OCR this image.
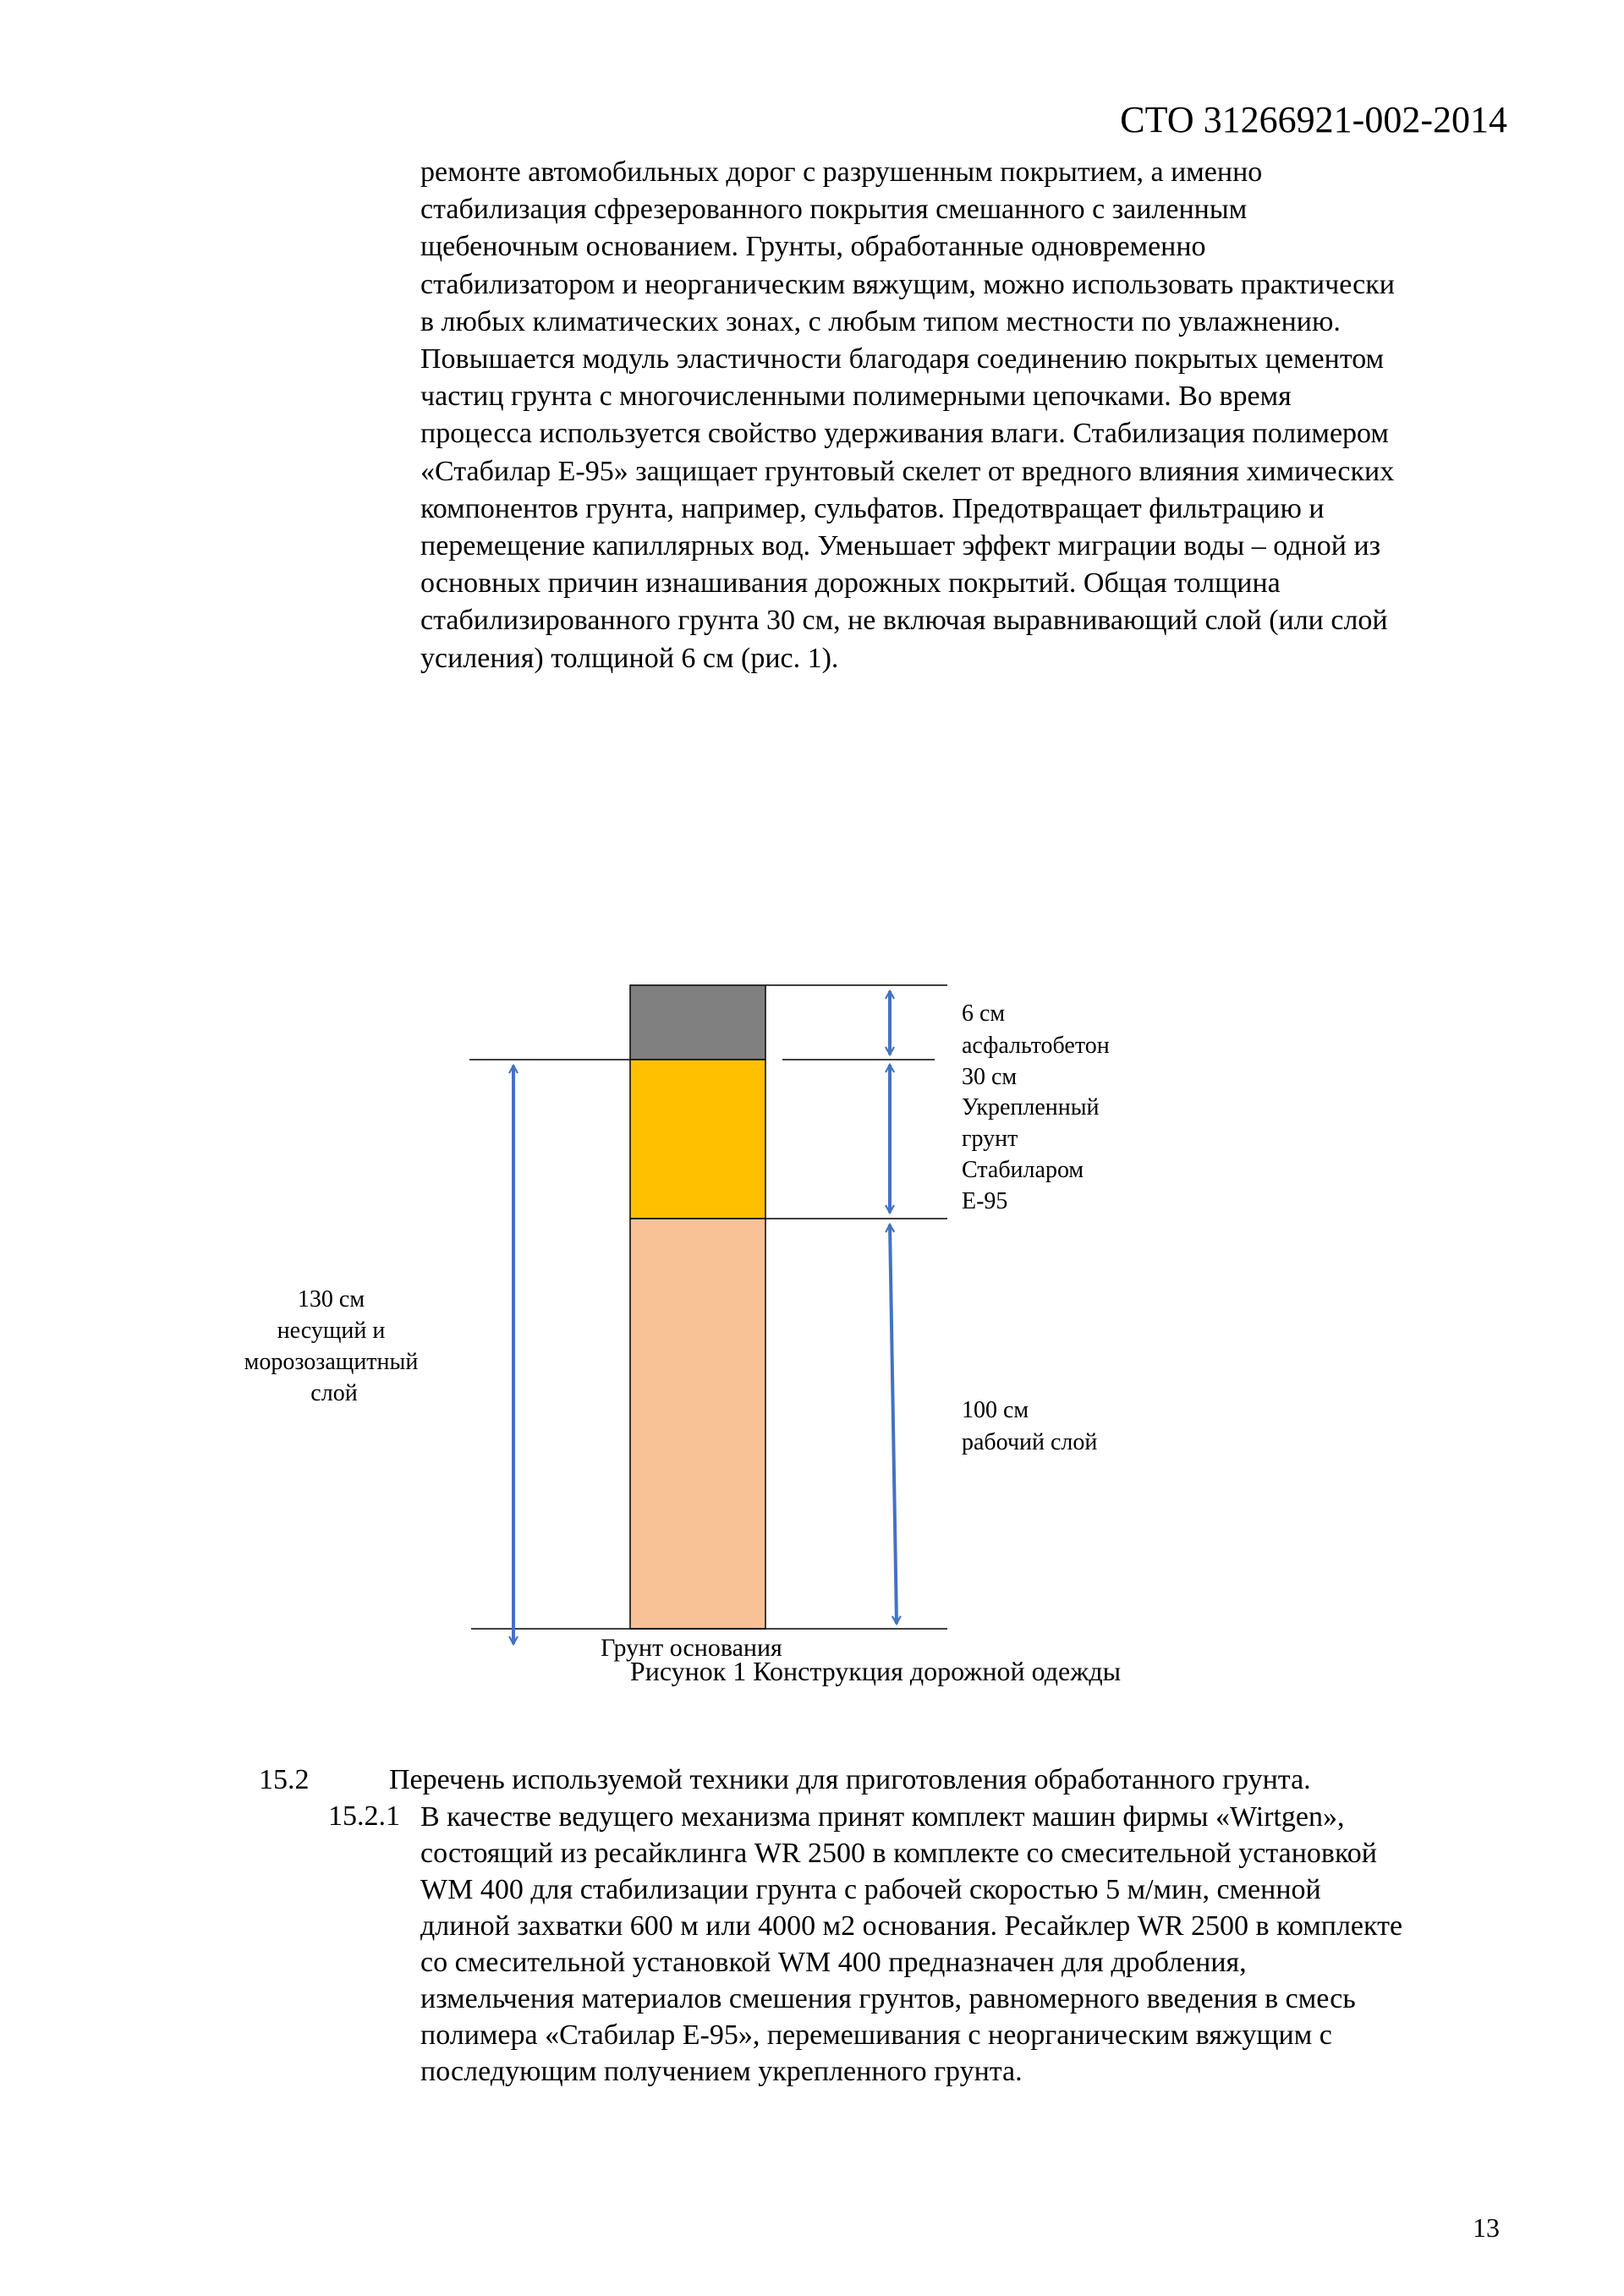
СТО 31266921-002-2014
ремонте автомобильных дорог с разрушенным покрытием, а именно
стабилизация сфрезерованного покрытия смешанного с заиленным
щебеночным основанием. Грунты, обработанные одновременно
стабилизатором и неорганическим вяжущим, можно использовать практически
в любых климатических зонах, с любым типом местности по увлажнению.
Повышается модуль эластичности благодаря соединению покрытых цементом
частиц грунта с многочисленными полимерными цепочками. Во время
процесса используется свойство удерживания влаги. Стабилизация полимером
«Стабилар Е-95» защищает грунтовый скелет от вредного влияния химических
компонентов грунта, например, сульфатов. Предотвращает фильтрацию и
перемещение капиллярных вод. Уменьшает эффект миграции воды – одной из
основных причин изнашивания дорожных покрытий. Общая толщина
стабилизированного грунта 30 см, не включая выравнивающий слой (или слой
усиления) толщиной 6 см (рис. 1).
6 см асфальтобетон
30 см Укрепленный грунт Стабиларом Е-95
100 см рабочий слой
130 см несущий и морозозащитный слой
Грунт основания
Рисунок 1 Конструкция дорожной одежды
15.2	Перечень используемой техники для приготовления обработанного грунта.
15.2.1 В качестве ведущего механизма принят комплект машин фирмы «Wirtgen»,
состоящий из ресайклинга WR 2500 в комплекте со смесительной установкой
WM 400 для стабилизации грунта с рабочей скоростью 5 м/мин, сменной
длиной захватки 600 м или 4000 м2 основания. Ресайклер WR 2500 в комплекте
со смесительной установкой WM 400 предназначен для дробления,
измельчения материалов смешения грунтов, равномерного введения в смесь
полимера «Стабилар Е-95», перемешивания с неорганическим вяжущим с
последующим получением укрепленного грунта.
13
